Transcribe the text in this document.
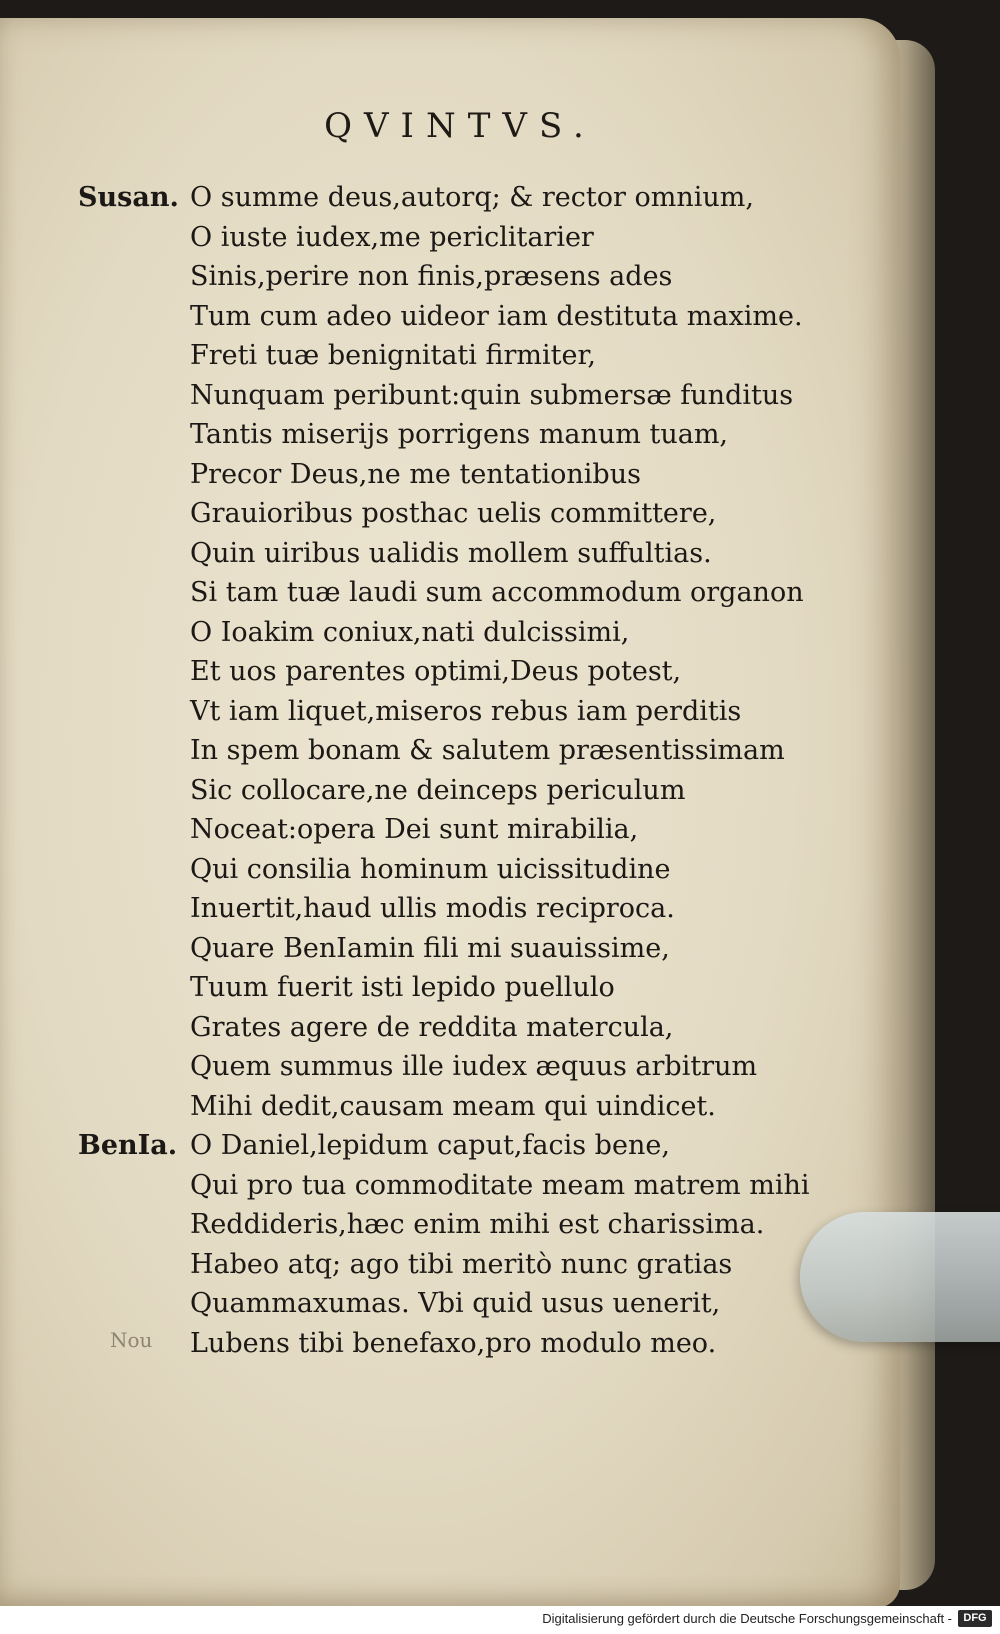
QVINTVS.
Susan. O summe deus,autorq; & rector omnium,
O iuste iudex,me periclitarier
Sinis,perire non finis,præsens ades
Tum cum adeo uideor iam destituta maxime.
Freti tuæ benignitati firmiter,
Nunquam peribunt:quin submersæ funditus
Tantis miserijs porrigens manum tuam,
Precor Deus,ne me tentationibus
Grauioribus posthac uelis committere,
Quin uiribus ualidis mollem suffultias.
Si tam tuæ laudi sum accommodum organon
O Ioakim coniux,nati dulcissimi,
Et uos parentes optimi,Deus potest,
Vt iam liquet,miseros rebus iam perditis
In spem bonam & salutem præsentissimam
Sic collocare,ne deinceps periculum
Noceat:opera Dei sunt mirabilia,
Qui consilia hominum uicissitudine
Inuertit,haud ullis modis reciproca.
Quare BenIamin fili mi suauissime,
Tuum fuerit isti lepido puellulo
Grates agere de reddita matercula,
Quem summus ille iudex æquus arbitrum
Mihi dedit,causam meam qui uindicet.
BenIa. O Daniel,lepidum caput,facis bene,
Qui pro tua commoditate meam matrem mihi
Reddideris,hæc enim mihi est charissima.
Habeo atq; ago tibi meritò nunc gratias
Quammaxumas. Vbi quid usus uenerit,
Lubens tibi benefaxo,pro modulo meo.
Nou
Digitalisierung gefördert durch die Deutsche Forschungsgemeinschaft -	DFG
